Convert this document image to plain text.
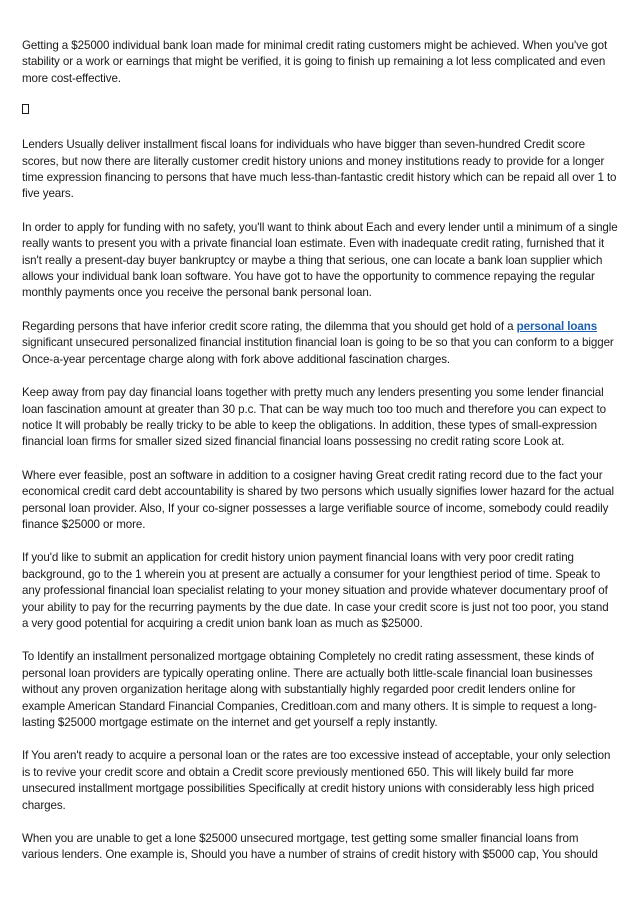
Getting a $25000 individual bank loan made for minimal credit rating customers might be achieved. When you've got stability or a work or earnings that might be verified, it is going to finish up remaining a lot less complicated and even more cost-effective.

Lenders Usually deliver installment fiscal loans for individuals who have bigger than seven-hundred Credit score scores, but now there are literally customer credit history unions and money institutions ready to provide for a longer time expression financing to persons that have much less-than-fantastic credit history which can be repaid all over 1 to five years.

In order to apply for funding with no safety, you'll want to think about Each and every lender until a minimum of a single really wants to present you with a private financial loan estimate. Even with inadequate credit rating, furnished that it isn't really a present-day buyer bankruptcy or maybe a thing that serious, one can locate a bank loan supplier which allows your individual bank loan software. You have got to have the opportunity to commence repaying the regular monthly payments once you receive the personal bank personal loan.

Regarding persons that have inferior credit score rating, the dilemma that you should get hold of a personal loans significant unsecured personalized financial institution financial loan is going to be so that you can conform to a bigger Once-a-year percentage charge along with fork above additional fascination charges.

Keep away from pay day financial loans together with pretty much any lenders presenting you some lender financial loan fascination amount at greater than 30 p.c. That can be way much too too much and therefore you can expect to notice It will probably be really tricky to be able to keep the obligations. In addition, these types of small-expression financial loan firms for smaller sized sized financial financial loans possessing no credit rating score Look at.

Where ever feasible, post an software in addition to a cosigner having Great credit rating record due to the fact your economical credit card debt accountability is shared by two persons which usually signifies lower hazard for the actual personal loan provider. Also, If your co-signer possesses a large verifiable source of income, somebody could readily finance $25000 or more.

If you'd like to submit an application for credit history union payment financial loans with very poor credit rating background, go to the 1 wherein you at present are actually a consumer for your lengthiest period of time. Speak to any professional financial loan specialist relating to your money situation and provide whatever documentary proof of your ability to pay for the recurring payments by the due date. In case your credit score is just not too poor, you stand a very good potential for acquiring a credit union bank loan as much as $25000.

To Identify an installment personalized mortgage obtaining Completely no credit rating assessment, these kinds of personal loan providers are typically operating online. There are actually both little-scale financial loan businesses without any proven organization heritage along with substantially highly regarded poor credit lenders online for example American Standard Financial Companies, Creditloan.com and many others. It is simple to request a long-lasting $25000 mortgage estimate on the internet and get yourself a reply instantly.

If You aren't ready to acquire a personal loan or the rates are too excessive instead of acceptable, your only selection is to revive your credit score and obtain a Credit score previously mentioned 650. This will likely build far more unsecured installment mortgage possibilities Specifically at credit history unions with considerably less high priced charges.

When you are unable to get a lone $25000 unsecured mortgage, test getting some smaller financial loans from various lenders. One example is, Should you have a number of strains of credit history with $5000 cap, You should
